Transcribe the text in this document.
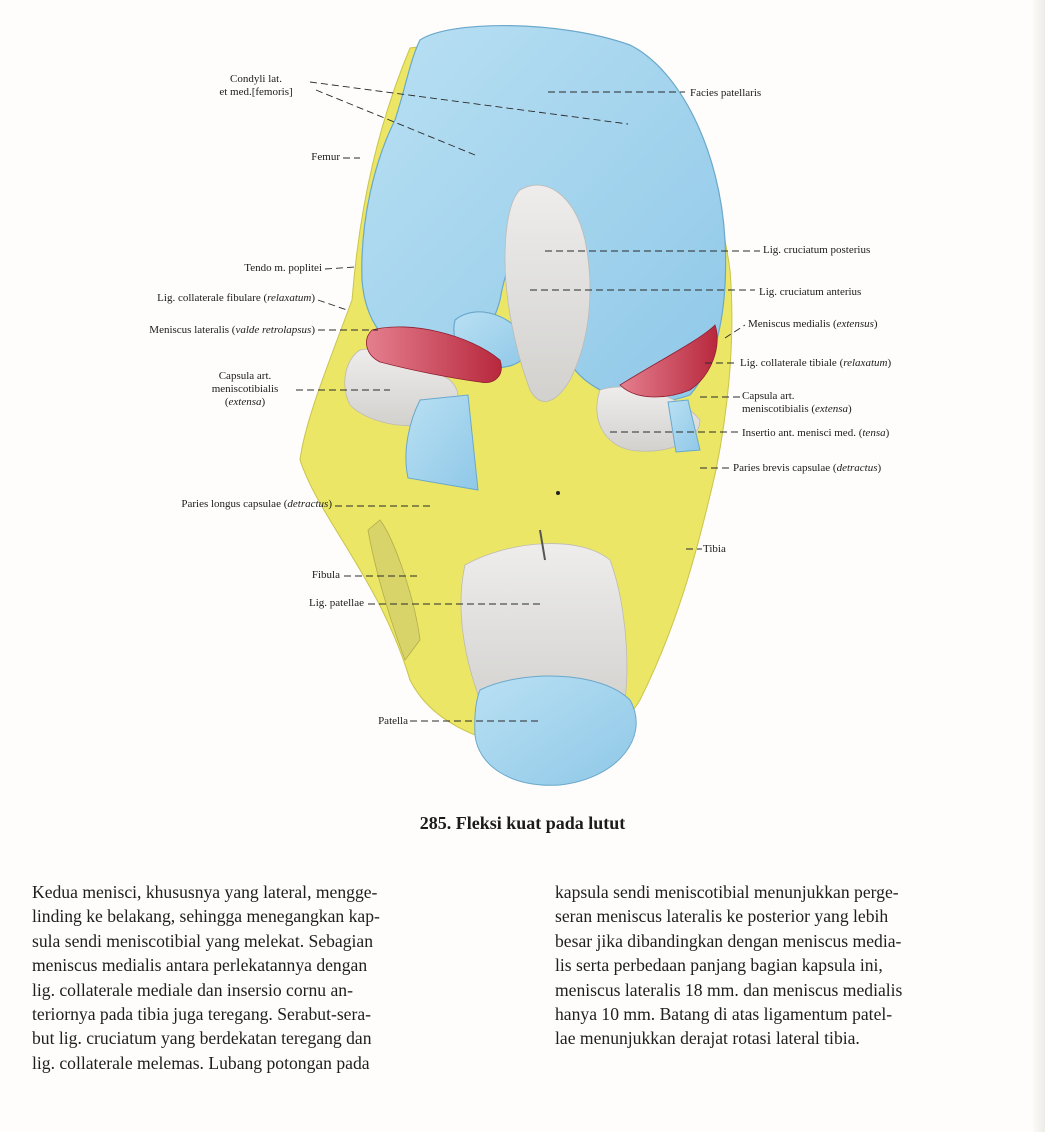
Condyli lat.
et med.[femoris]
Femur
Tendo m. poplitei
Lig. collaterale fibulare (relaxatum)
Meniscus lateralis (valde retrolapsus)
Capsula art.
meniscotibialis
(extensa)
Paries longus capsulae (detractus)
Fibula
Lig. patellae
Patella
Facies patellaris
Lig. cruciatum posterius
Lig. cruciatum anterius
Meniscus medialis (extensus)
Lig. collaterale tibiale (relaxatum)
Capsula art.
meniscotibialis (extensa)
Insertio ant. menisci med. (tensa)
Paries brevis capsulae (detractus)
Tibia
285. Fleksi kuat pada lutut
Kedua menisci, khususnya yang lateral, mengge-
linding ke belakang, sehingga menegangkan kap-
sula sendi meniscotibial yang melekat. Sebagian
meniscus medialis antara perlekatannya dengan
lig. collaterale mediale dan insersio cornu an-
teriornya pada tibia juga teregang. Serabut-sera-
but lig. cruciatum yang berdekatan teregang dan
lig. collaterale melemas. Lubang potongan pada
kapsula sendi meniscotibial menunjukkan perge-
seran meniscus lateralis ke posterior yang lebih
besar jika dibandingkan dengan meniscus media-
lis serta perbedaan panjang bagian kapsula ini,
meniscus lateralis 18 mm. dan meniscus medialis
hanya 10 mm. Batang di atas ligamentum patel-
lae menunjukkan derajat rotasi lateral tibia.
